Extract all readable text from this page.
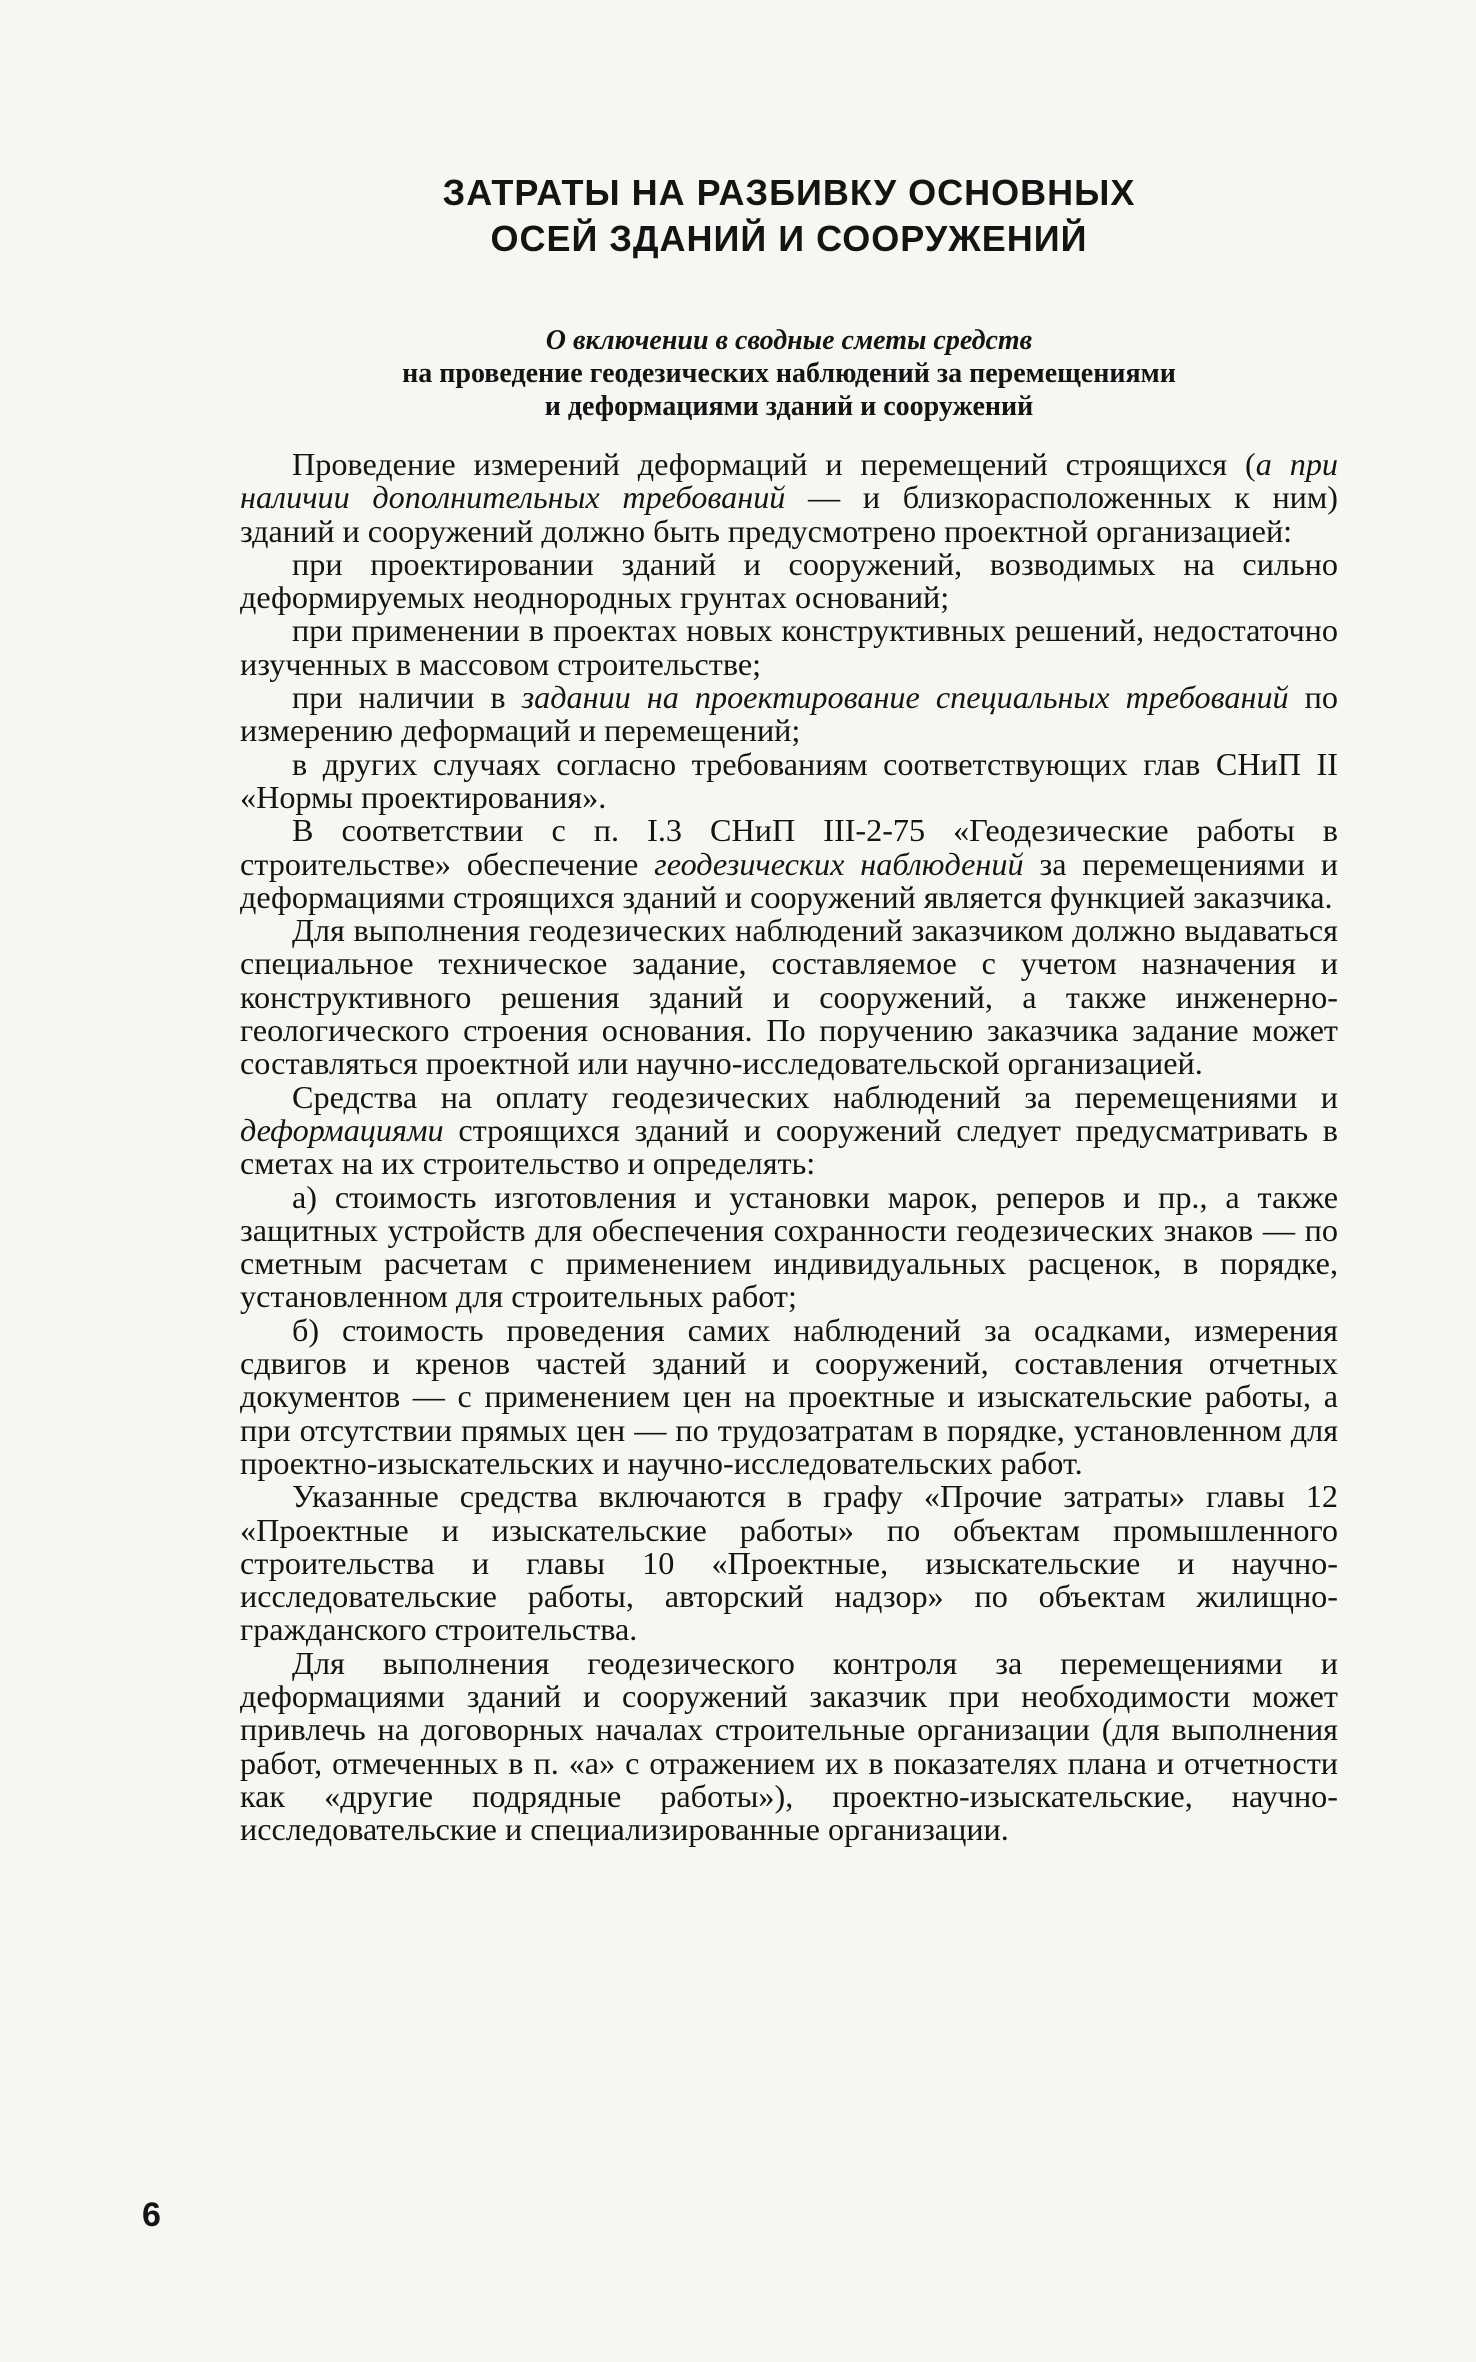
ЗАТРАТЫ НА РАЗБИВКУ ОСНОВНЫХ
ОСЕЙ ЗДАНИЙ И СООРУЖЕНИЙ
О включении в сводные сметы средств
на проведение геодезических наблюдений за перемещениями
и деформациями зданий и сооружений

Проведение измерений деформаций и перемещений строящихся (а при наличии дополнительных требований — и близкорасположенных к ним) зданий и сооружений должно быть предусмотрено проектной организацией:

при проектировании зданий и сооружений, возводимых на сильно деформируемых неоднородных грунтах оснований;

при применении в проектах новых конструктивных решений, недостаточно изученных в массовом строительстве;

при наличии в задании на проектирование специальных требований по измерению деформаций и перемещений;

в других случаях согласно требованиям соответствующих глав СНиП II «Нормы проектирования».

В соответствии с п. I.3 СНиП III-2-75 «Геодезические работы в строительстве» обеспечение геодезических наблюдений за перемещениями и деформациями строящихся зданий и сооружений является функцией заказчика.

Для выполнения геодезических наблюдений заказчиком должно выдаваться специальное техническое задание, составляемое с учетом назначения и конструктивного решения зданий и сооружений, а также инженерно-геологического строения основания. По поручению заказчика задание может составляться проектной или научно-исследовательской организацией.

Средства на оплату геодезических наблюдений за перемещениями и деформациями строящихся зданий и сооружений следует предусматривать в сметах на их строительство и определять:

а) стоимость изготовления и установки марок, реперов и пр., а также защитных устройств для обеспечения сохранности геодезических знаков — по сметным расчетам с применением индивидуальных расценок, в порядке, установленном для строительных работ;

б) стоимость проведения самих наблюдений за осадками, измерения сдвигов и кренов частей зданий и сооружений, составления отчетных документов — с применением цен на проектные и изыскательские работы, а при отсутствии прямых цен — по трудозатратам в порядке, установленном для проектно-изыскательских и научно-исследовательских работ.

Указанные средства включаются в графу «Прочие затраты» главы 12 «Проектные и изыскательские работы» по объектам промышленного строительства и главы 10 «Проектные, изыскательские и научно-исследовательские работы, авторский надзор» по объектам жилищно-гражданского строительства.

Для выполнения геодезического контроля за перемещениями и деформациями зданий и сооружений заказчик при необходимости может привлечь на договорных началах строительные организации (для выполнения работ, отмеченных в п. «а» с отражением их в показателях плана и отчетности как «другие подрядные работы»), проектно-изыскательские, научно-исследовательские и специализированные организации.

6
